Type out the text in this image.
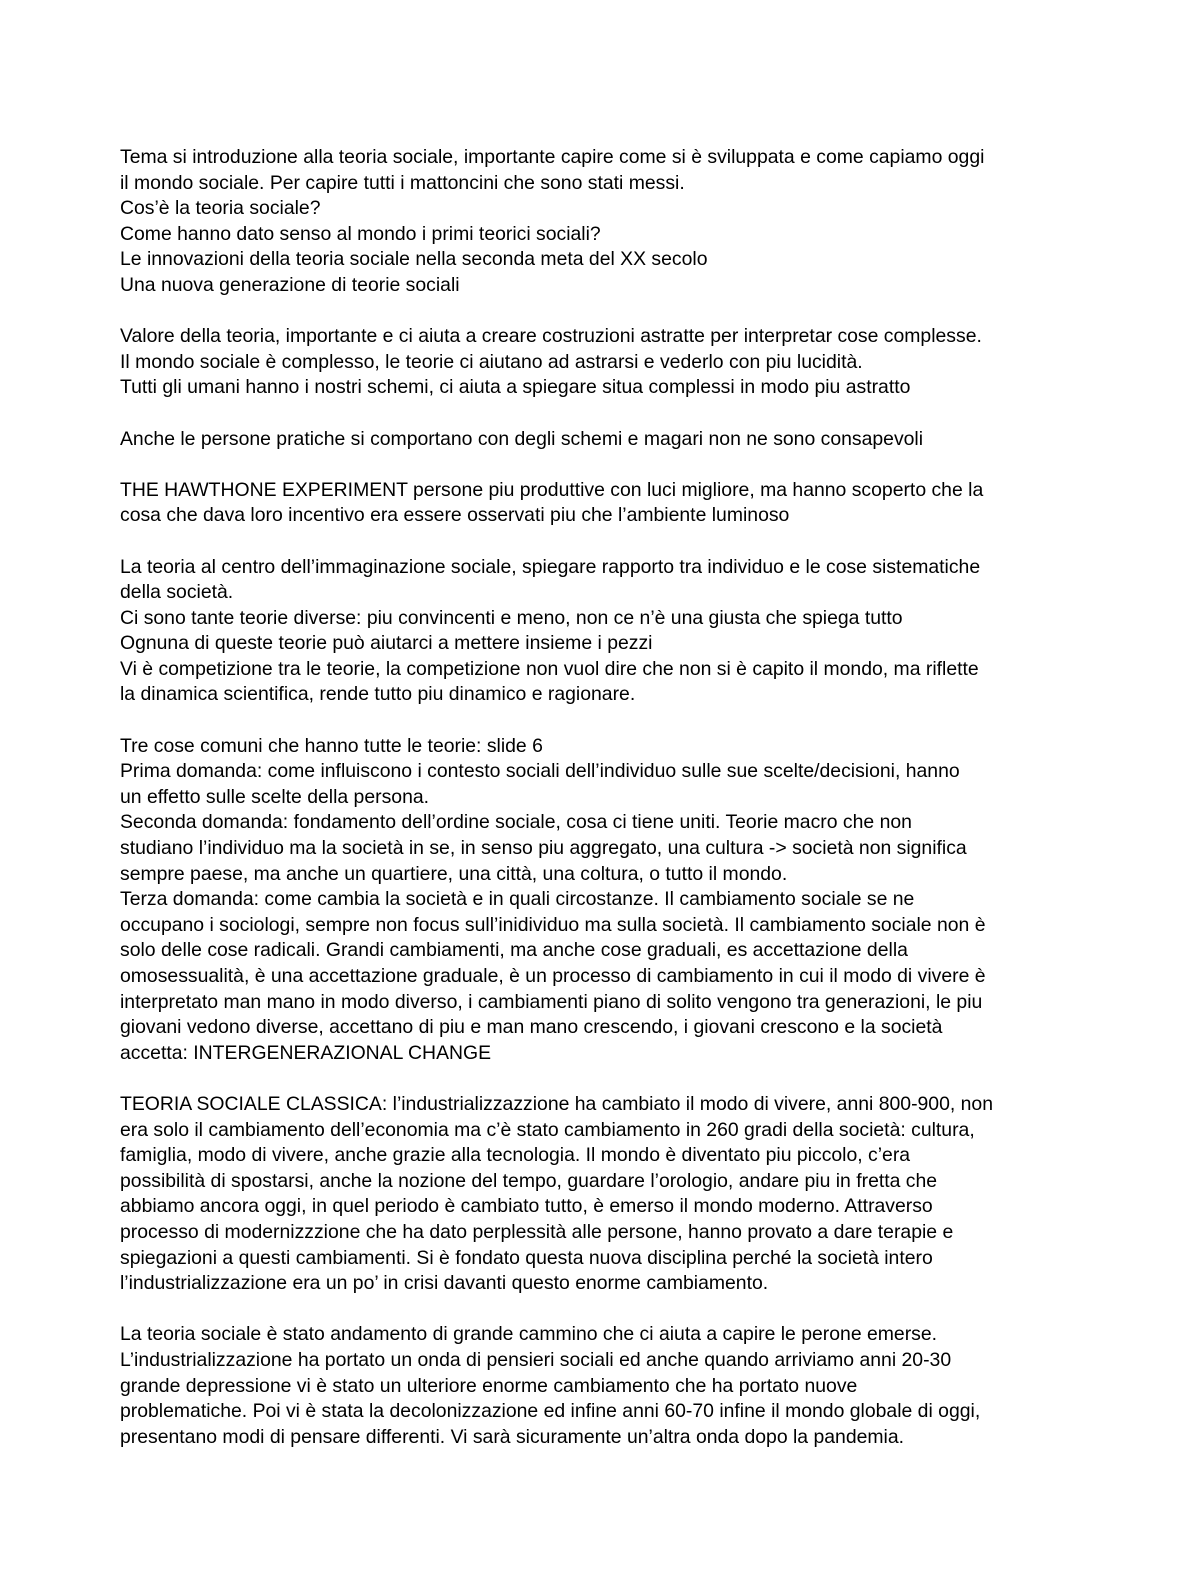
Tema si introduzione alla teoria sociale, importante capire come si è sviluppata e come capiamo oggi
il mondo sociale. Per capire tutti i mattoncini che sono stati messi.
Cos’è la teoria sociale?
Come hanno dato senso al mondo i primi teorici sociali?
Le innovazioni della teoria sociale nella seconda meta del XX secolo
Una nuova generazione di teorie sociali
Valore della teoria, importante e ci aiuta a creare costruzioni astratte per interpretar cose complesse.
Il mondo sociale è complesso, le teorie ci aiutano ad astrarsi e vederlo con piu lucidità.
Tutti gli umani hanno i nostri schemi, ci aiuta a spiegare situa complessi in modo piu astratto
Anche le persone pratiche si comportano con degli schemi e magari non ne sono consapevoli
THE HAWTHONE EXPERIMENT persone piu produttive con luci migliore, ma hanno scoperto che la
cosa che dava loro incentivo era essere osservati piu che l’ambiente luminoso
La teoria al centro dell’immaginazione sociale, spiegare rapporto tra individuo e le cose sistematiche
della società.
Ci sono tante teorie diverse: piu convincenti e meno, non ce n’è una giusta che spiega tutto
Ognuna di queste teorie può aiutarci a mettere insieme i pezzi
Vi è competizione tra le teorie, la competizione non vuol dire che non si è capito il mondo, ma riflette
la dinamica scientifica, rende tutto piu dinamico e ragionare.
Tre cose comuni che hanno tutte le teorie: slide 6
Prima domanda: come influiscono i contesto sociali dell’individuo sulle sue scelte/decisioni, hanno
un effetto sulle scelte della persona.
Seconda domanda: fondamento dell’ordine sociale, cosa ci tiene uniti. Teorie macro che non
studiano l’individuo ma la società in se, in senso piu aggregato, una cultura -> società non significa
sempre paese, ma anche un quartiere, una città, una coltura, o tutto il mondo.
Terza domanda: come cambia la società e in quali circostanze. Il cambiamento sociale se ne
occupano i sociologi, sempre non focus sull’inidividuo ma sulla società. Il cambiamento sociale non è
solo delle cose radicali. Grandi cambiamenti, ma anche cose graduali, es accettazione della
omosessualità, è una accettazione graduale, è un processo di cambiamento in cui il modo di vivere è
interpretato man mano in modo diverso, i cambiamenti piano di solito vengono tra generazioni, le piu
giovani vedono diverse, accettano di piu e man mano crescendo, i giovani crescono e la società
accetta: INTERGENERAZIONAL CHANGE
TEORIA SOCIALE CLASSICA: l’industrializzazzione ha cambiato il modo di vivere, anni 800-900, non
era solo il cambiamento dell’economia ma c’è stato cambiamento in 260 gradi della società: cultura,
famiglia, modo di vivere, anche grazie alla tecnologia. Il mondo è diventato piu piccolo, c’era
possibilità di spostarsi, anche la nozione del tempo, guardare l’orologio, andare piu in fretta che
abbiamo ancora oggi, in quel periodo è cambiato tutto, è emerso il mondo moderno. Attraverso
processo di modernizzzione che ha dato perplessità alle persone, hanno provato a dare terapie e
spiegazioni a questi cambiamenti. Si è fondato questa nuova disciplina perché la società intero
l’industrializzazione era un po’ in crisi davanti questo enorme cambiamento.
La teoria sociale è stato andamento di grande cammino che ci aiuta a capire le perone emerse.
L’industrializzazione ha portato un onda di pensieri sociali ed anche quando arriviamo anni 20-30
grande depressione vi è stato un ulteriore enorme cambiamento che ha portato nuove
problematiche. Poi vi è stata la decolonizzazione ed infine anni 60-70 infine il mondo globale di oggi,
presentano modi di pensare differenti. Vi sarà sicuramente un’altra onda dopo la pandemia.
